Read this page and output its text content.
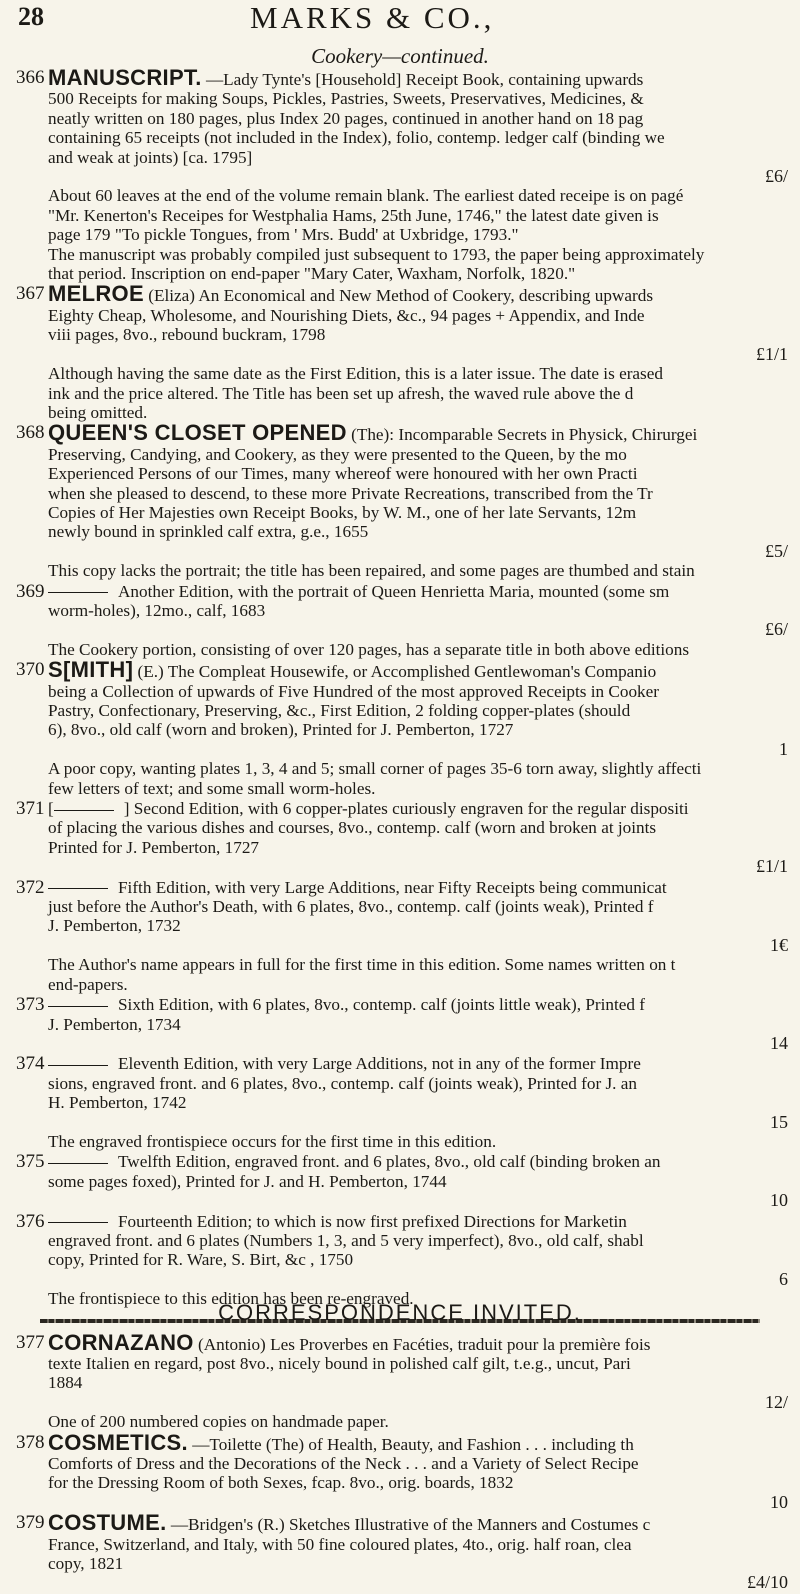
28	MARKS & CO.,
Cookery—continued.
366 MANUSCRIPT. —Lady Tynte's [Household] Receipt Book, containing upwards
500 Receipts for making Soups, Pickles, Pastries, Sweets, Preservatives, Medicines, &
neatly written on 180 pages, plus Index 20 pages, continued in another hand on 18 pag
containing 65 receipts (not included in the Index), folio, contemp. ledger calf (binding we
and weak at joints) [ca. 1795]
£6/
About 60 leaves at the end of the volume remain blank. The earliest dated receipe is on pagé
"Mr. Kenerton's Receipes for Westphalia Hams, 25th June, 1746," the latest date given is
page 179 "To pickle Tongues, from ' Mrs. Budd' at Uxbridge, 1793."
The manuscript was probably compiled just subsequent to 1793, the paper being approximately
that period. Inscription on end-paper "Mary Cater, Waxham, Norfolk, 1820."
367 MELROE (Eliza) An Economical and New Method of Cookery, describing upwards
Eighty Cheap, Wholesome, and Nourishing Diets, &c., 94 pages + Appendix, and Inde
viii pages, 8vo., rebound buckram, 1798
£1/1
Although having the same date as the First Edition, this is a later issue. The date is erased
ink and the price altered. The Title has been set up afresh, the waved rule above the d
being omitted.
368 QUEEN'S CLOSET OPENED (The): Incomparable Secrets in Physick, Chirurgei
Preserving, Candying, and Cookery, as they were presented to the Queen, by the mo
Experienced Persons of our Times, many whereof were honoured with her own Practi
when she pleased to descend, to these more Private Recreations, transcribed from the Tr
Copies of Her Majesties own Receipt Books, by W. M., one of her late Servants, 12m
newly bound in sprinkled calf extra, g.e., 1655
£5/
This copy lacks the portrait; the title has been repaired, and some pages are thumbed and stain
369	Another Edition, with the portrait of Queen Henrietta Maria, mounted (some sm
worm-holes), 12mo., calf, 1683
£6/
The Cookery portion, consisting of over 120 pages, has a separate title in both above editions
370 S[MITH] (E.) The Compleat Housewife, or Accomplished Gentlewoman's Companio
being a Collection of upwards of Five Hundred of the most approved Receipts in Cooker
Pastry, Confectionary, Preserving, &c., First Edition, 2 folding copper-plates (should
6), 8vo., old calf (worn and broken), Printed for J. Pemberton, 1727
1
A poor copy, wanting plates 1, 3, 4 and 5; small corner of pages 35-6 torn away, slightly affecti
few letters of text; and some small worm-holes.
371 [	] Second Edition, with 6 copper-plates curiously engraven for the regular dispositi
of placing the various dishes and courses, 8vo., contemp. calf (worn and broken at joints
Printed for J. Pemberton, 1727
£1/1
372	Fifth Edition, with very Large Additions, near Fifty Receipts being communicat
just before the Author's Death, with 6 plates, 8vo., contemp. calf (joints weak), Printed f
J. Pemberton, 1732
1€
The Author's name appears in full for the first time in this edition. Some names written on t
end-papers.
373	Sixth Edition, with 6 plates, 8vo., contemp. calf (joints little weak), Printed f
J. Pemberton, 1734
14
374	Eleventh Edition, with very Large Additions, not in any of the former Impre
sions, engraved front. and 6 plates, 8vo., contemp. calf (joints weak), Printed for J. an
H. Pemberton, 1742
15
The engraved frontispiece occurs for the first time in this edition.
375	Twelfth Edition, engraved front. and 6 plates, 8vo., old calf (binding broken an
some pages foxed), Printed for J. and H. Pemberton, 1744
10
376	Fourteenth Edition; to which is now first prefixed Directions for Marketin
engraved front. and 6 plates (Numbers 1, 3, and 5 very imperfect), 8vo., old calf, shabl
copy, Printed for R. Ware, S. Birt, &c , 1750
6
The frontispiece to this edition has been re-engraved.
377 CORNAZANO (Antonio) Les Proverbes en Facéties, traduit pour la première fois
texte Italien en regard, post 8vo., nicely bound in polished calf gilt, t.e.g., uncut, Pari
1884
12/
One of 200 numbered copies on handmade paper.
378 COSMETICS. —Toilette (The) of Health, Beauty, and Fashion . . . including th
Comforts of Dress and the Decorations of the Neck . . . and a Variety of Select Recipe
for the Dressing Room of both Sexes, fcap. 8vo., orig. boards, 1832
10
379 COSTUME. —Bridgen's (R.) Sketches Illustrative of the Manners and Costumes c
France, Switzerland, and Italy, with 50 fine coloured plates, 4to., orig. half roan, clea
copy, 1821
£4/10
CORRESPONDENCE INVITED.
